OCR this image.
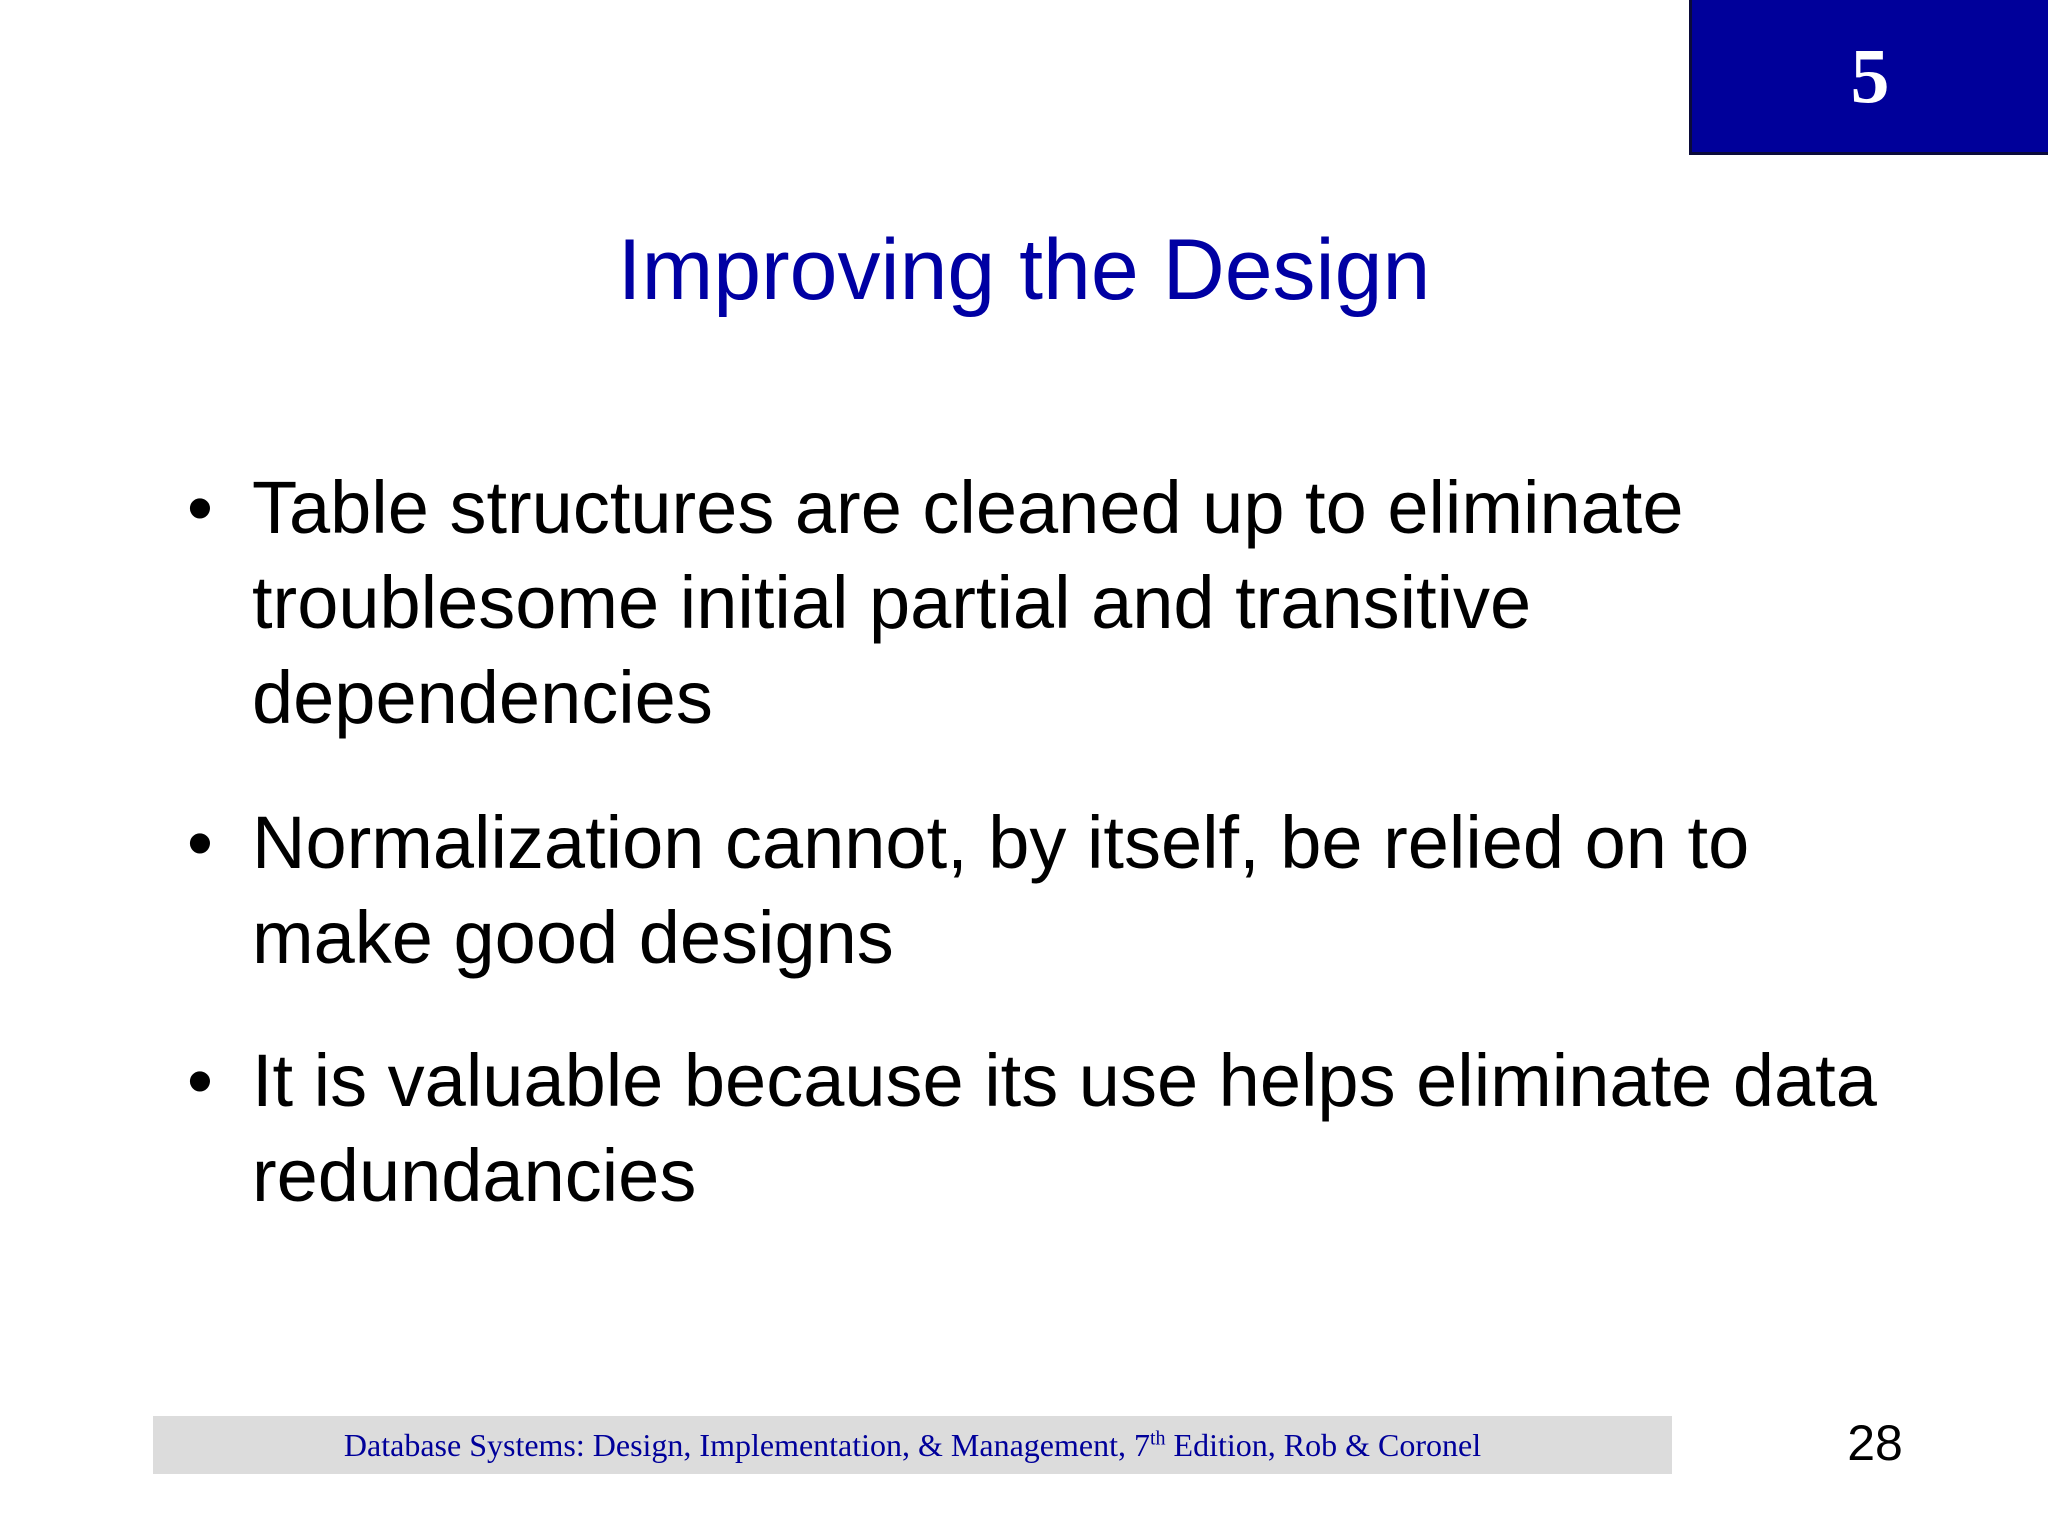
5
Improving the Design
• Table structures are cleaned up to eliminate troublesome initial partial and transitive dependencies
• Normalization cannot, by itself, be relied on to make good designs
• It is valuable because its use helps eliminate data redundancies
Database Systems: Design, Implementation, & Management, 7th Edition, Rob & Coronel	28
